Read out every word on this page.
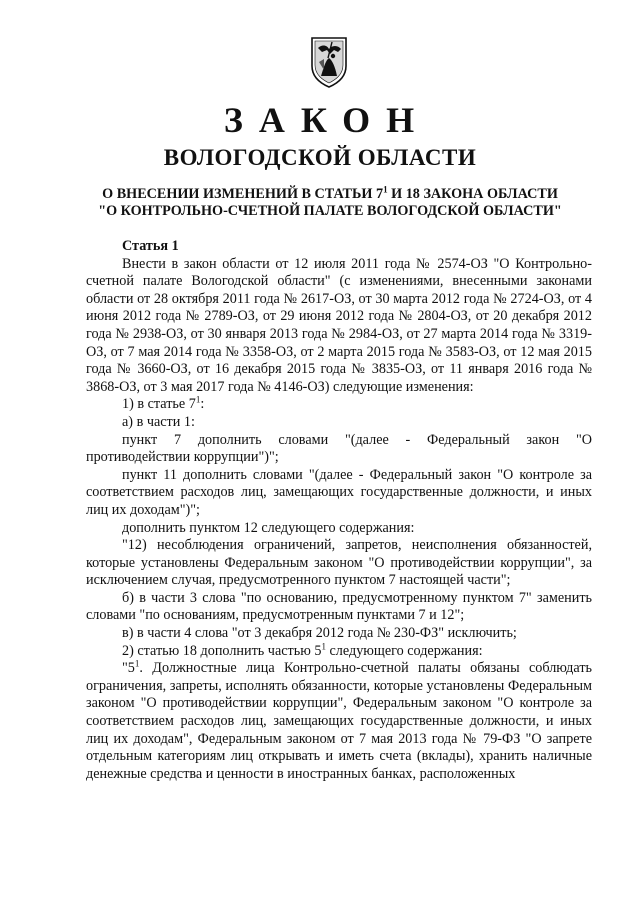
ЗАКОН
ВОЛОГОДСКОЙ ОБЛАСТИ
О ВНЕСЕНИИ ИЗМЕНЕНИЙ В СТАТЬИ $7^1$ И 18 ЗАКОНА ОБЛАСТИ
"О КОНТРОЛЬНО-СЧЕТНОЙ ПАЛАТЕ ВОЛОГОДСКОЙ ОБЛАСТИ"

Статья 1

Внести в закон области от 12 июля 2011 года № 2574-ОЗ "О Контрольно-счетной палате Вологодской области" (с изменениями, внесенными законами области от 28 октября 2011 года № 2617-ОЗ, от 30 марта 2012 года № 2724-ОЗ, от 4 июня 2012 года № 2789-ОЗ, от 29 июня 2012 года № 2804-ОЗ, от 20 декабря 2012 года № 2938-ОЗ, от 30 января 2013 года № 2984-ОЗ, от 27 марта 2014 года № 3319-ОЗ, от 7 мая 2014 года № 3358-ОЗ, от 2 марта 2015 года № 3583-ОЗ, от 12 мая 2015 года № 3660-ОЗ, от 16 декабря 2015 года № 3835-ОЗ, от 11 января 2016 года № 3868-ОЗ, от 3 мая 2017 года № 4146-ОЗ) следующие изменения:

1) в статье $7^1$:

а) в части 1:

пункт 7 дополнить словами "(далее - Федеральный закон "О противодействии коррупции")";

пункт 11 дополнить словами "(далее - Федеральный закон "О контроле за соответствием расходов лиц, замещающих государственные должности, и иных лиц их доходам")";

дополнить пунктом 12 следующего содержания:

"12) несоблюдения ограничений, запретов, неисполнения обязанностей, которые установлены Федеральным законом "О противодействии коррупции", за исключением случая, предусмотренного пунктом 7 настоящей части";

б) в части 3 слова "по основанию, предусмотренному пунктом 7" заменить словами "по основаниям, предусмотренным пунктами 7 и 12";

в) в части 4 слова "от 3 декабря 2012 года № 230-ФЗ" исключить;

2) статью 18 дополнить частью $5^1$ следующего содержания:

"$5^1$. Должностные лица Контрольно-счетной палаты обязаны соблюдать ограничения, запреты, исполнять обязанности, которые установлены Федеральным законом "О противодействии коррупции", Федеральным законом "О контроле за соответствием расходов лиц, замещающих государственные должности, и иных лиц их доходам", Федеральным законом от 7 мая 2013 года № 79-ФЗ "О запрете отдельным категориям лиц открывать и иметь счета (вклады), хранить наличные денежные средства и ценности в иностранных банках, расположенных
